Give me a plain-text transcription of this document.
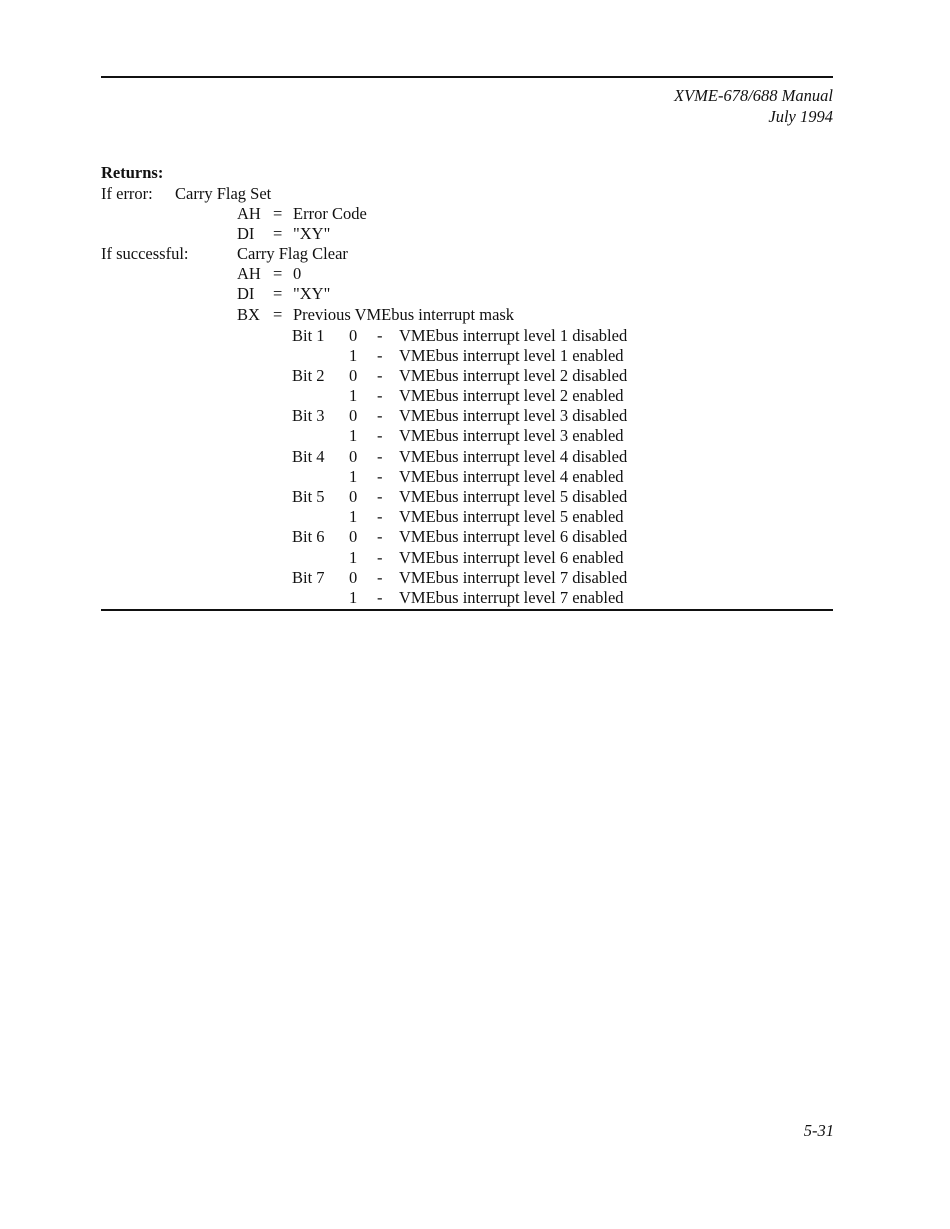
XVME-678/688 Manual
July 1994
Returns:
If error: Carry Flag Set
AH = Error Code
DI = "XY"
If successful:	Carry Flag Clear
AH = 0
DI = "XY"
BX = Previous VMEbus interrupt mask
Bit 1 0 - VMEbus interrupt level 1 disabled
1 - VMEbus interrupt level 1 enabled
Bit 2 0 - VMEbus interrupt level 2 disabled
1 - VMEbus interrupt level 2 enabled
Bit 3 0 - VMEbus interrupt level 3 disabled
1 - VMEbus interrupt level 3 enabled
Bit 4 0 - VMEbus interrupt level 4 disabled
1 - VMEbus interrupt level 4 enabled
Bit 5 0 - VMEbus interrupt level 5 disabled
1 - VMEbus interrupt level 5 enabled
Bit 6 0 - VMEbus interrupt level 6 disabled
1 - VMEbus interrupt level 6 enabled
Bit 7 0 - VMEbus interrupt level 7 disabled
1 - VMEbus interrupt level 7 enabled
5-31
